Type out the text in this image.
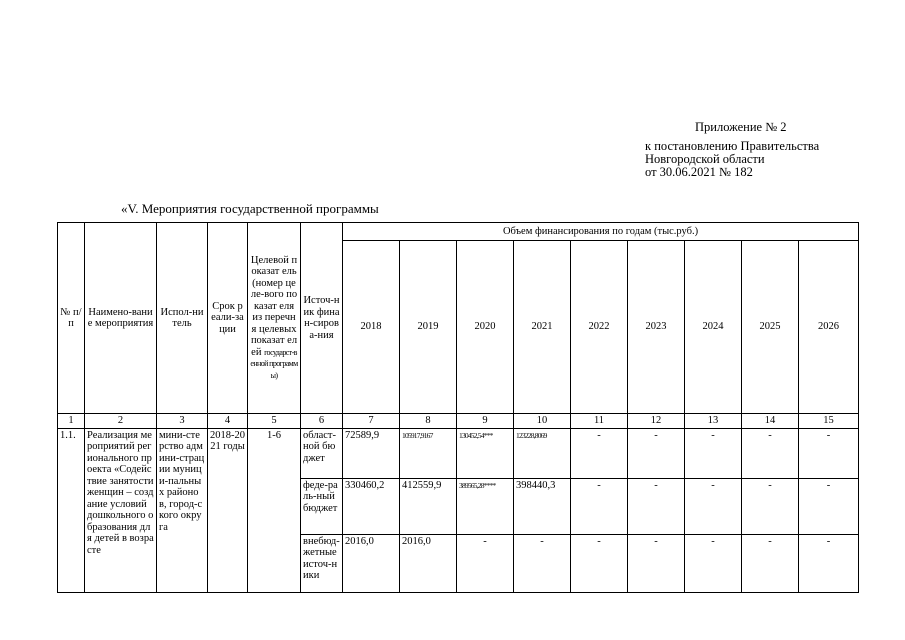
Приложение № 2
к постановлению Правительства
Новгородской области
от 30.06.2021 № 182
«V. Мероприятия государственной программы
№ п/п	Наимено-вание мероприятия	Испол-нитель	Срок реали-зации	Целевой показат ель (номер целе-вого показат еля из перечня целевых показат елей государст-венной программы)	Источ-ник финан-сирова-ния	Объем финансирования по годам (тыс.руб.)								
						2018	2019	2020	2021	2022	2023	2024	2025	2026
1	2	3	4	5	6	7	8	9	10	11	12	13	14	15
1.1.	Реализация мероприятий регионального проекта «Содействие занятости женщин – создание условий дошкольного образования для детей в возрасте	мини-стерство админи-страции муници-пальных районов, город-ского округа	2018-2021 годы	1-6	област-ной бюджет	72589,9	105917,9167	130452,54***	123228,8069	-	-	-	-	-
					феде-раль-ный бюджет	330460,2	412559,9	389565,28****	398440,3	-	-	-	-	-
					внебюд-жетные источ-ники	2016,0	2016,0	-	-	-	-	-	-	-
